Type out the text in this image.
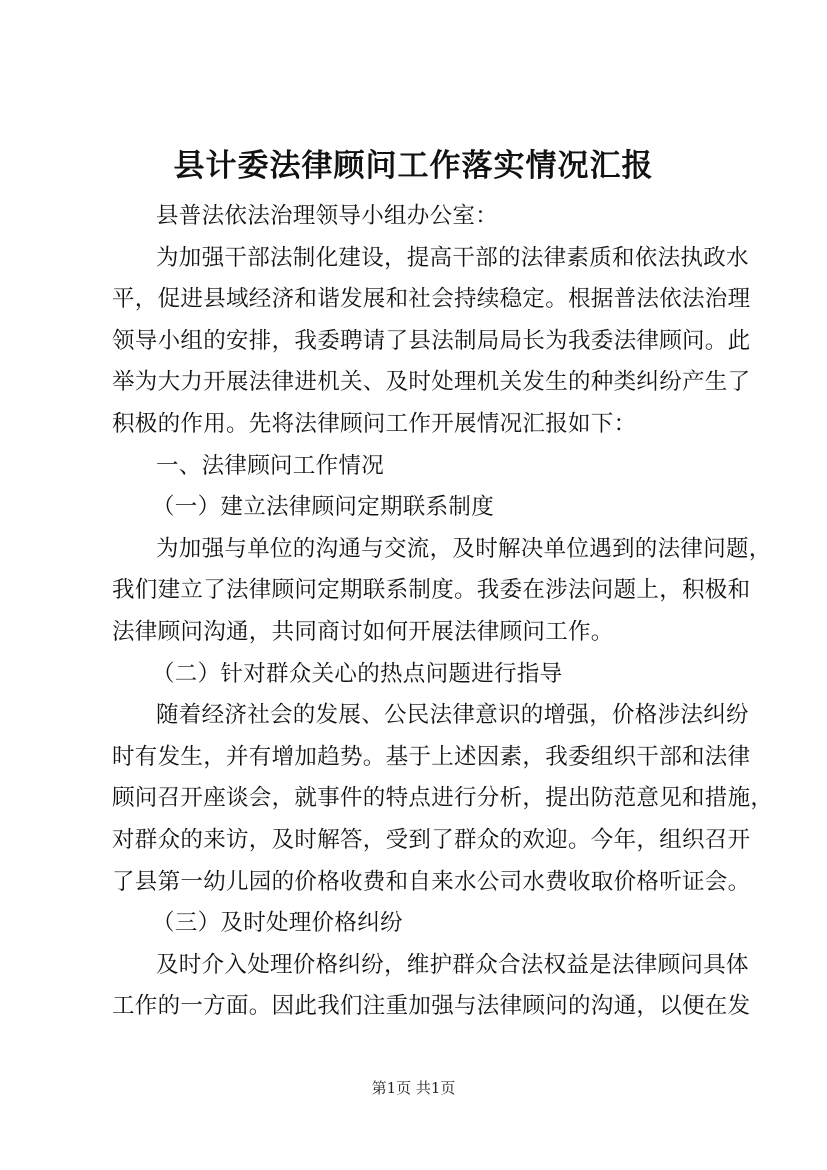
县计委法律顾问工作落实情况汇报
县普法依法治理领导小组办公室：
为加强干部法制化建设，提高干部的法律素质和依法执政水
平，促进县域经济和谐发展和社会持续稳定。根据普法依法治理
领导小组的安排，我委聘请了县法制局局长为我委法律顾问。此
举为大力开展法律进机关、及时处理机关发生的种类纠纷产生了
积极的作用。先将法律顾问工作开展情况汇报如下：
一、法律顾问工作情况
（一）建立法律顾问定期联系制度
为加强与单位的沟通与交流，及时解决单位遇到的法律问题，
我们建立了法律顾问定期联系制度。我委在涉法问题上，积极和
法律顾问沟通，共同商讨如何开展法律顾问工作。
（二）针对群众关心的热点问题进行指导
随着经济社会的发展、公民法律意识的增强，价格涉法纠纷
时有发生，并有增加趋势。基于上述因素，我委组织干部和法律
顾问召开座谈会，就事件的特点进行分析，提出防范意见和措施，
对群众的来访，及时解答，受到了群众的欢迎。今年，组织召开
了县第一幼儿园的价格收费和自来水公司水费收取价格听证会。
（三）及时处理价格纠纷
及时介入处理价格纠纷，维护群众合法权益是法律顾问具体
工作的一方面。因此我们注重加强与法律顾问的沟通，以便在发
第1页 共1页
